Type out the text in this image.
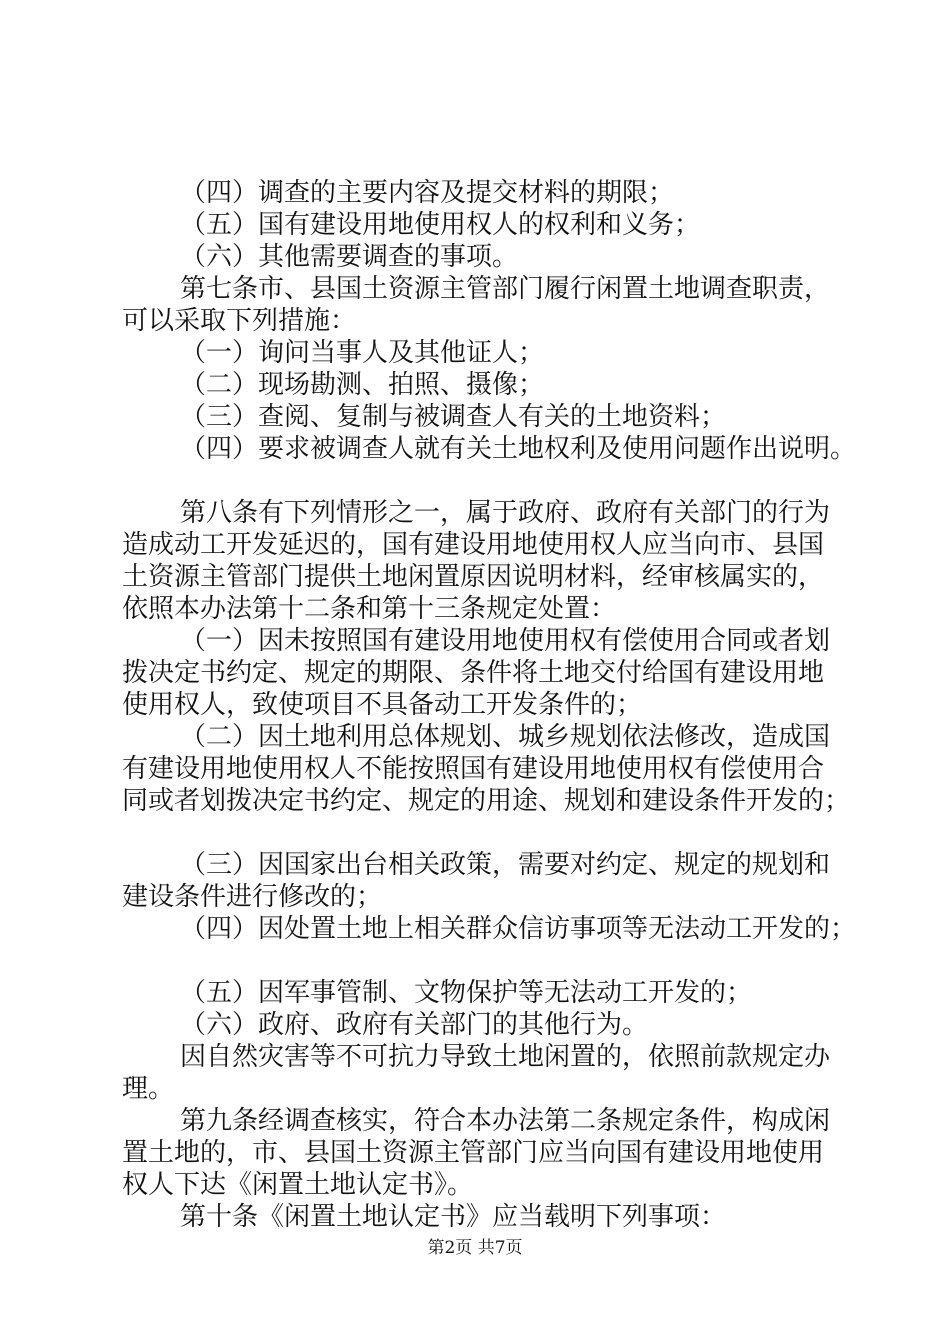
（四）调查的主要内容及提交材料的期限；
（五）国有建设用地使用权人的权利和义务；
（六）其他需要调查的事项。
第七条市、县国土资源主管部门履行闲置土地调查职责，
可以采取下列措施：
（一）询问当事人及其他证人；
（二）现场勘测、拍照、摄像；
（三）查阅、复制与被调查人有关的土地资料；
（四）要求被调查人就有关土地权利及使用问题作出说明。
第八条有下列情形之一，属于政府、政府有关部门的行为
造成动工开发延迟的，国有建设用地使用权人应当向市、县国
土资源主管部门提供土地闲置原因说明材料，经审核属实的，
依照本办法第十二条和第十三条规定处置：
（一）因未按照国有建设用地使用权有偿使用合同或者划
拨决定书约定、规定的期限、条件将土地交付给国有建设用地
使用权人，致使项目不具备动工开发条件的；
（二）因土地利用总体规划、城乡规划依法修改，造成国
有建设用地使用权人不能按照国有建设用地使用权有偿使用合
同或者划拨决定书约定、规定的用途、规划和建设条件开发的；
（三）因国家出台相关政策，需要对约定、规定的规划和
建设条件进行修改的；
（四）因处置土地上相关群众信访事项等无法动工开发的；
（五）因军事管制、文物保护等无法动工开发的；
（六）政府、政府有关部门的其他行为。
因自然灾害等不可抗力导致土地闲置的，依照前款规定办
理。
第九条经调查核实，符合本办法第二条规定条件，构成闲
置土地的，市、县国土资源主管部门应当向国有建设用地使用
权人下达《闲置土地认定书》。
第十条《闲置土地认定书》应当载明下列事项：
第2页 共7页
